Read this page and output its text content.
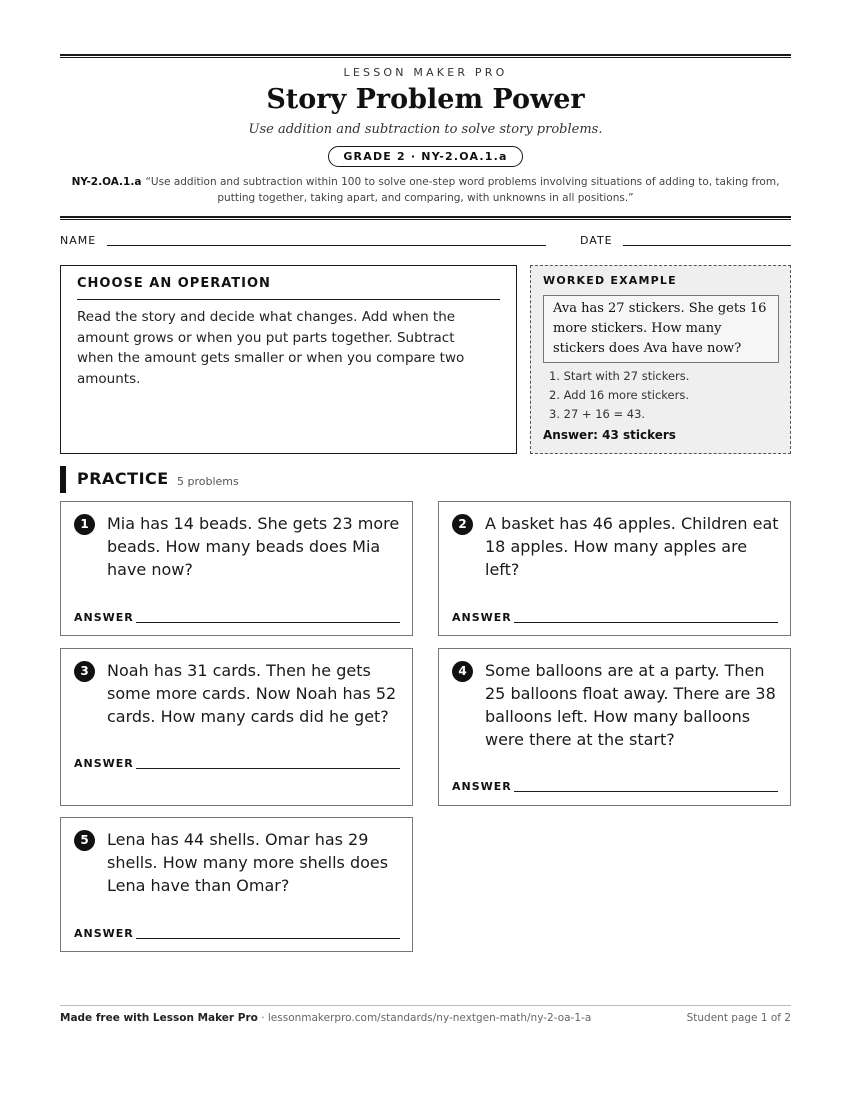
LESSON MAKER PRO
Story Problem Power
Use addition and subtraction to solve story problems.
GRADE 2 · NY-2.OA.1.a
NY-2.OA.1.a “Use addition and subtraction within 100 to solve one-step word problems involving situations of adding to, taking from,
putting together, taking apart, and comparing, with unknowns in all positions.”
NAME	DATE
CHOOSE AN OPERATION
Read the story and decide what changes. Add when the amount grows or when you put parts together. Subtract when the amount gets smaller or when you compare two amounts.
WORKED EXAMPLE
Ava has 27 stickers. She gets 16 more stickers. How many stickers does Ava have now?
1. Start with 27 stickers.
2. Add 16 more stickers.
3. 27 + 16 = 43.
Answer: 43 stickers
PRACTICE 5 problems
1	Mia has 14 beads. She gets 23 more beads. How many beads does Mia have now?
ANSWER
2	A basket has 46 apples. Children eat 18 apples. How many apples are left?
ANSWER
3	Noah has 31 cards. Then he gets some more cards. Now Noah has 52 cards. How many cards did he get?
ANSWER
4	Some balloons are at a party. Then 25 balloons float away. There are 38 balloons left. How many balloons were there at the start?
ANSWER
5	Lena has 44 shells. Omar has 29 shells. How many more shells does Lena have than Omar?
ANSWER
Made free with Lesson Maker Pro · lessonmakerpro.com/standards/ny-nextgen-math/ny-2-oa-1-a	Student page 1 of 2
